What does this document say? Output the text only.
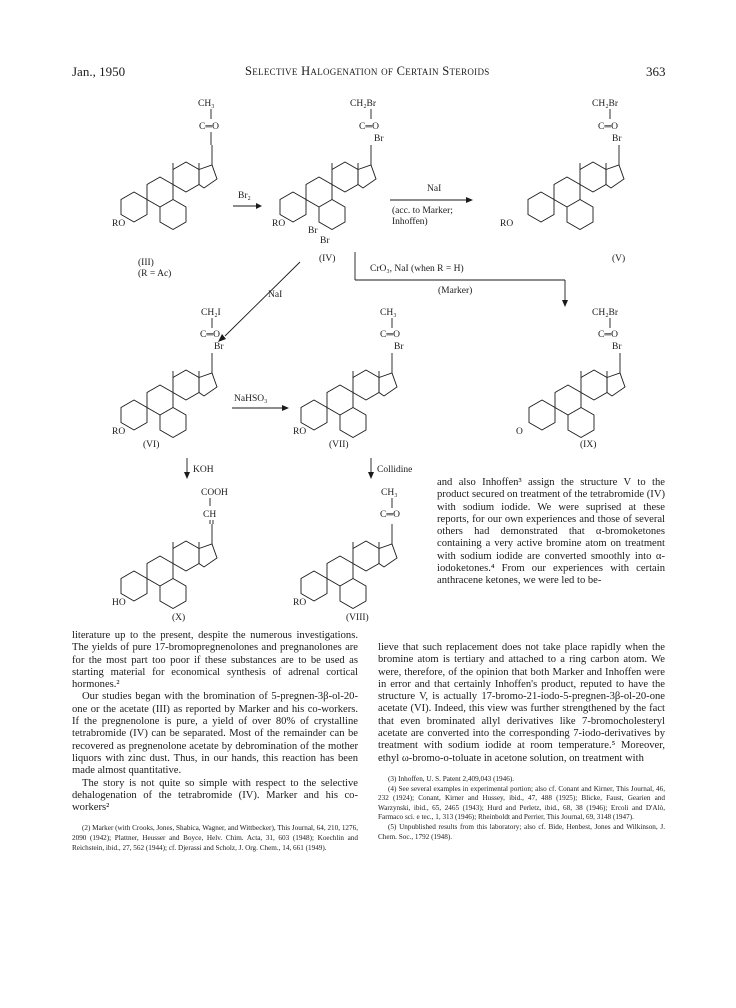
Jan., 1950	Selective Halogenation of Certain Steroids	363
CH₃
C═O
RO
(III)
(R = Ac)
Br₂
CH₂Br
C═O
Br
RO
Br
Br
(IV)
NaI
(acc. to Marker;
Inhoffen)
CH₂Br
C═O
Br
RO
(V)
CrO₃, NaI (when R = H)
(Marker)
NaI
CH₂I
C═O
Br
RO
(VI)
NaHSO₃
CH₃
C═O
Br
RO
(VII)
CH₂Br
C═O
Br
O
(IX)
KOH
COOH
CH
HO
(X)
Collidine
CH₃
C═O
RO
(VIII)

and also Inhoffen³ assign the structure V to the product secured on treatment of the tetrabromide (IV) with sodium iodide. We were suprised at these reports, for our own experiences and those of several others had demonstrated that α-bromoketones containing a very active bromine atom on treatment with sodium iodide are converted smoothly into α-iodoketones.⁴ From our experiences with certain anthracene ketones, we were led to be-

literature up to the present, despite the numerous investigations. The yields of pure 17-bromopregnenolones and pregnanolones are for the most part too poor if these substances are to be used as starting material for economical synthesis of adrenal cortical hormones.²

Our studies began with the bromination of 5-pregnen-3β-ol-20-one or the acetate (III) as reported by Marker and his co-workers. If the pregnenolone is pure, a yield of over 80% of crystalline tetrabromide (IV) can be separated. Most of the remainder can be recovered as pregnenolone acetate by debromination of the mother liquors with zinc dust. Thus, in our hands, this reaction has been made almost quantitative.

The story is not quite so simple with respect to the selective dehalogenation of the tetrabromide (IV). Marker and his co-workers²

(2) Marker (with Crooks, Jones, Shabica, Wagner, and Wittbecker), This Journal, 64, 210, 1276, 2090 (1942); Plattner, Heusser and Boyce, Helv. Chim. Acta, 31, 603 (1948); Koechlin and Reichstein, ibid., 27, 562 (1944); cf. Djerassi and Scholz, J. Org. Chem., 14, 661 (1949).

lieve that such replacement does not take place rapidly when the bromine atom is tertiary and attached to a ring carbon atom. We were, therefore, of the opinion that both Marker and Inhoffen were in error and that certainly Inhoffen's product, reputed to have the structure V, is actually 17-bromo-21-iodo-5-pregnen-3β-ol-20-one acetate (VI). Indeed, this view was further strengthened by the fact that even brominated allyl derivatives like 7-bromocholesteryl acetate are converted into the corresponding 7-iodo-derivatives by treatment with sodium iodide at room temperature.⁵ Moreover, ethyl ω-bromo-o-toluate in acetone solution, on treatment with

(3) Inhoffen, U. S. Patent 2,409,043 (1946).

(4) See several examples in experimental portion; also cf. Conant and Kirner, This Journal, 46, 232 (1924); Conant, Kirner and Hussey, ibid., 47, 488 (1925); Blicke, Faust, Gearien and Warzynski, ibid., 65, 2465 (1943); Hurd and Perletz, ibid., 68, 38 (1946); Ercoli and D'Alò, Farmaco sci. e tec., 1, 313 (1946); Rheinboldt and Perrier, This Journal, 69, 3148 (1947).

(5) Unpublished results from this laboratory; also cf. Bide, Henbest, Jones and Wilkinson, J. Chem. Soc., 1792 (1948).
